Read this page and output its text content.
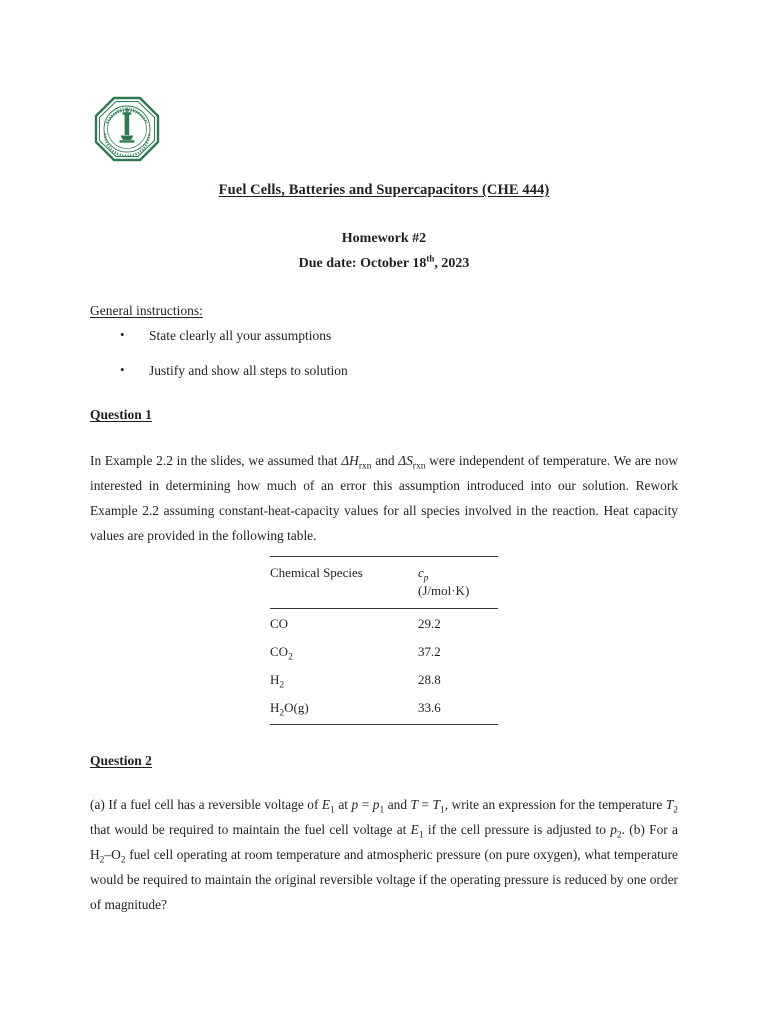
Fuel Cells, Batteries and Supercapacitors (CHE 444)
Homework #2
Due date: October 18th, 2023
General instructions:
• State clearly all your assumptions
• Justify and show all steps to solution
Question 1
In Example 2.2 in the slides, we assumed that $\Delta H_{rxn}$ and $\Delta S_{rxn}$ were independent of temperature. We are now interested in determining how much of an error this assumption introduced into our solution. Rework Example 2.2 assuming constant-heat-capacity values for all species involved in the reaction. Heat capacity values are provided in the following table.

Chemical Species	$c_p$
	(J/mol·K)

CO	29.2
$CO_2$	37.2
$H_2$	28.8
$H_2O(g)$	33.6

Question 2
(a) If a fuel cell has a reversible voltage of $E_1$ at $p = p_1$ and $T = T_1$, write an expression for the temperature $T_2$ that would be required to maintain the fuel cell voltage at $E_1$ if the cell pressure is adjusted to $p_2$. (b) For a $H_2-O_2$ fuel cell operating at room temperature and atmospheric pressure (on pure oxygen), what temperature would be required to maintain the original reversible voltage if the operating pressure is reduced by one order of magnitude?
